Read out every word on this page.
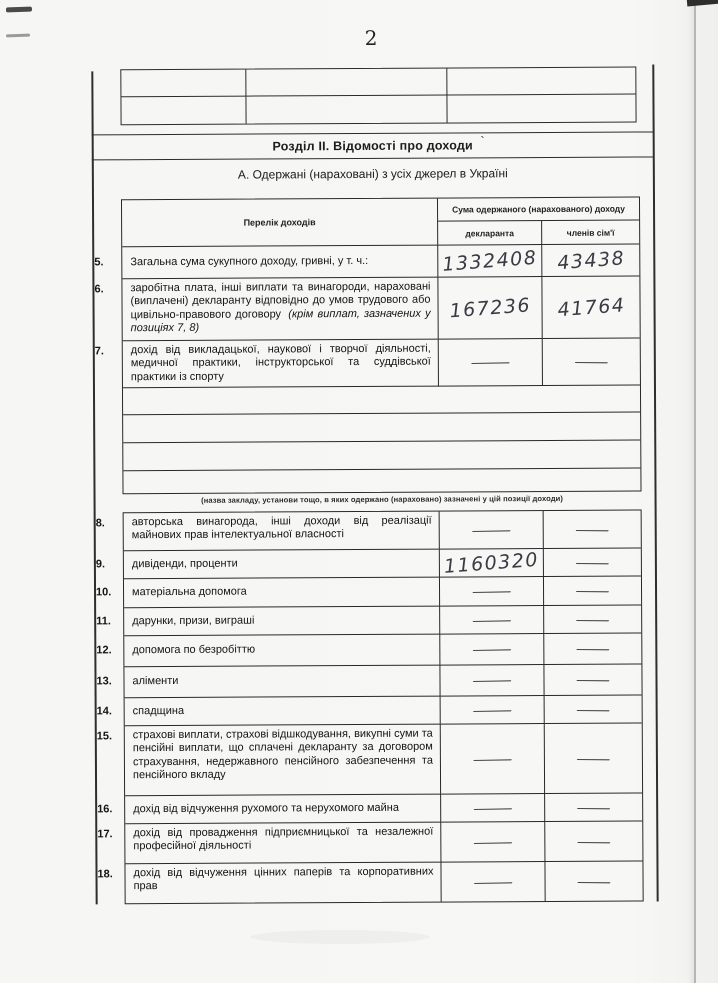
2
Розділ II. Відомості про доходи `
А. Одержані (нараховані) з усіх джерел в Україні
Перелік доходів
Сума одержаного (нарахованого) доходу
декларанта	членів сім'ї
5.	Загальна сума сукупного доходу, гривні, у т. ч.:	1332408 43438
6.	заробітна плата, інші виплати та винагороди, нараховані (виплачені) декларанту відповідно до умов трудового або цивільно-правового договору (крім виплат, зазначених у позиціях 7, 8)
167236 41764
7.	дохід від викладацької, наукової і творчої діяльності, медичної практики, інструкторської та суддівської практики із спорту
—	—
(назва закладу, установи тощо, в яких одержано (нараховано) зазначені у цій позиції доходи)
8.	авторська винагорода, інші доходи від реалізації майнових прав інтелектуальної власності	—	—
9.	дивіденди, проценти	1160320 —
10.	матеріальна допомога	—	—
11.	дарунки, призи, виграші	—	—
12.	допомога по безробіттю	—	—
13.	аліменти	—	—
14.	спадщина	—	—
15.	страхові виплати, страхові відшкодування, викупні суми та пенсійні виплати, що сплачені декларанту за договором страхування, недержавного пенсійного забезпечення та пенсійного вкладу
—	—
16.	дохід від відчуження рухомого та нерухомого майна	—	—
17.	дохід від провадження підприємницької та незалежної професійної діяльності	—	—
18.	дохід від відчуження цінних паперів та корпоративних прав	—	—
